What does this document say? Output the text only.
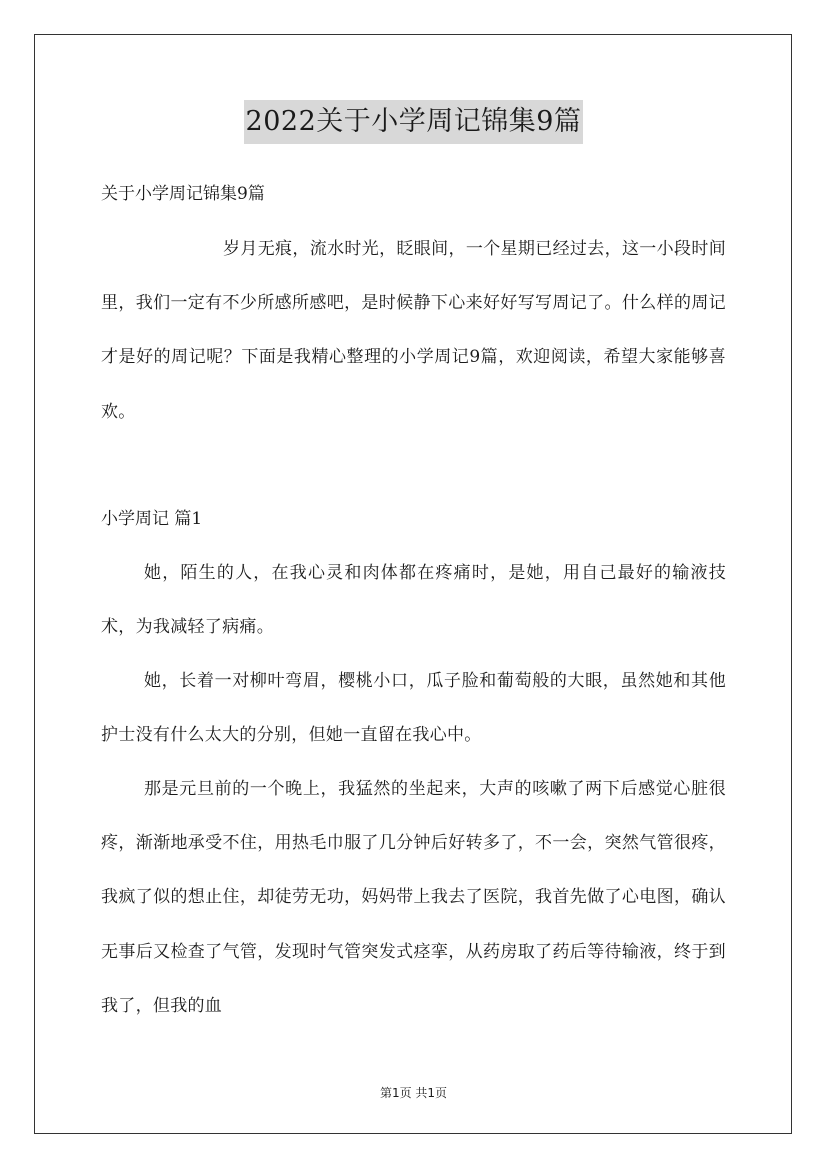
2022关于小学周记锦集9篇
关于小学周记锦集9篇

岁月无痕，流水时光，眨眼间，一个星期已经过去，这一小段时间里，我们一定有不少所感所感吧，是时候静下心来好好写写周记了。什么样的周记才是好的周记呢？下面是我精心整理的小学周记9篇，欢迎阅读，希望大家能够喜欢。

小学周记 篇1

她，陌生的人，在我心灵和肉体都在疼痛时，是她，用自己最好的输液技术，为我减轻了病痛。

她，长着一对柳叶弯眉，樱桃小口，瓜子脸和葡萄般的大眼，虽然她和其他护士没有什么太大的分别，但她一直留在我心中。

那是元旦前的一个晚上，我猛然的坐起来，大声的咳嗽了两下后感觉心脏很疼，渐渐地承受不住，用热毛巾服了几分钟后好转多了，不一会，突然气管很疼，我疯了似的想止住，却徒劳无功，妈妈带上我去了医院，我首先做了心电图，确认无事后又检查了气管，发现时气管突发式痉挛，从药房取了药后等待输液，终于到我了，但我的血

第1页 共1页
